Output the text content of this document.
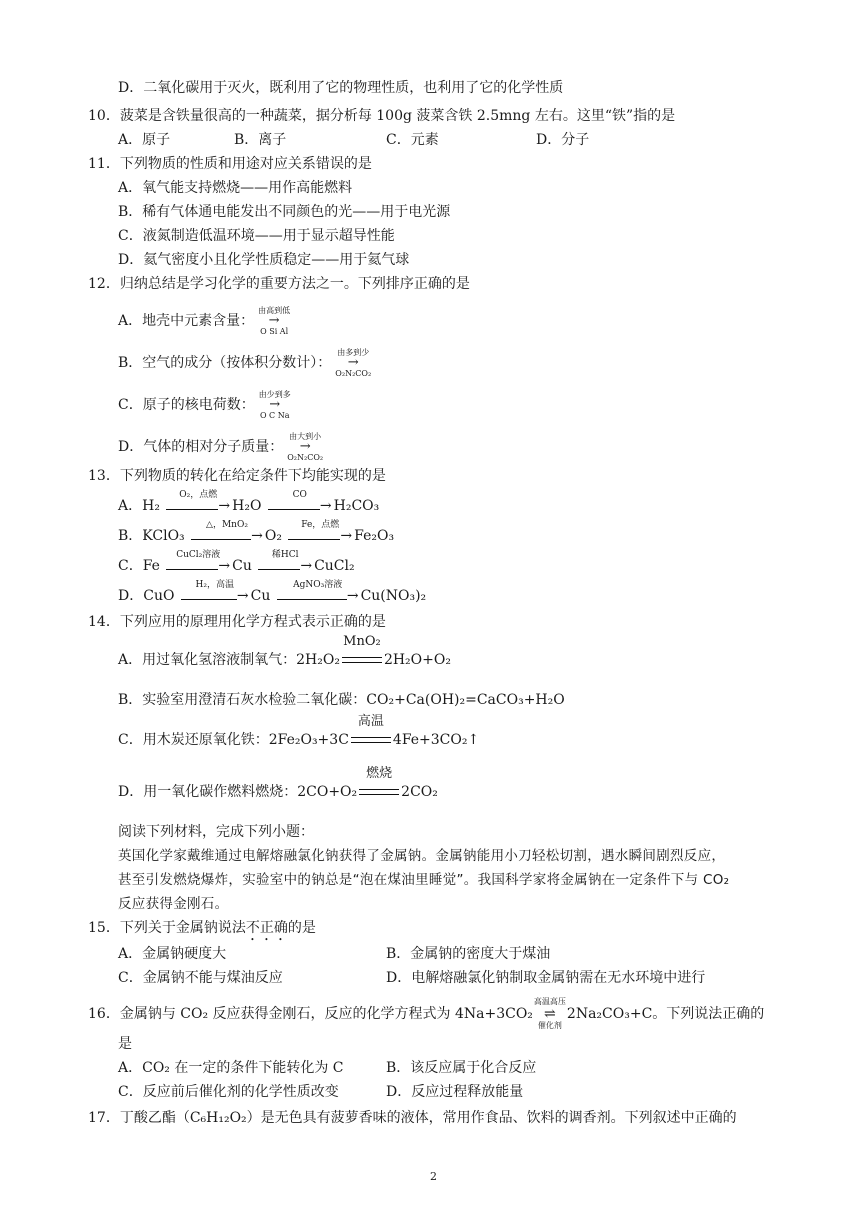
D．二氧化碳用于灭火，既利用了它的物理性质，也利用了它的化学性质
10．菠菜是含铁量很高的一种蔬菜，据分析每 100g 菠菜含铁 2.5mng 左右。这里“铁”指的是
A．原子	B．离子	C．元素	D．分子
11．下列物质的性质和用途对应关系错误的是
A．氧气能支持燃烧——用作高能燃料
B．稀有气体通电能发出不同颜色的光——用于电光源
C．液氮制造低温环境——用于显示超导性能
D．氦气密度小且化学性质稳定——用于氦气球
12．归纳总结是学习化学的重要方法之一。下列排序正确的是
A．地壳中元素含量：
由高到低
→
O Si Al
B．空气的成分（按体积分数计）：
由多到少
→
O₂N₂CO₂
C．原子的核电荷数：
由少到多
→
O C Na
D．气体的相对分子质量：
由大到小
→
O₂N₂CO₂
13．下列物质的转化在给定条件下均能实现的是
A．H₂
O₂，点燃
→ H₂O
CO
→ H₂CO₃
B．KClO₃
△，MnO₂
→ O₂
Fe，点燃
→ Fe₂O₃
C．Fe
CuCl₂溶液
→ Cu
稀HCl
→ CuCl₂
D．CuO
H₂，高温
→ Cu
AgNO₃溶液
→ Cu(NO₃)₂
14．下列应用的原理用化学方程式表示正确的是
A．用过氧化氢溶液制氧气：2H₂O₂
MnO₂
2H₂O+O₂
B．实验室用澄清石灰水检验二氧化碳：CO₂+Ca(OH)₂=CaCO₃+H₂O
C．用木炭还原氧化铁：2Fe₂O₃+3C
高温
4Fe+3CO₂↑
D．用一氧化碳作燃料燃烧：2CO+O₂
燃烧
2CO₂
阅读下列材料，完成下列小题：
英国化学家戴维通过电解熔融氯化钠获得了金属钠。金属钠能用小刀轻松切割，遇水瞬间剧烈反应，
甚至引发燃烧爆炸，实验室中的钠总是“泡在煤油里睡觉”。我国科学家将金属钠在一定条件下与 CO₂
反应获得金刚石。
15．下列关于金属钠说法不正确的是
A．金属钠硬度大	B．金属钠的密度大于煤油
C．金属钠不能与煤油反应	D．电解熔融氯化钠制取金属钠需在无水环境中进行
16．金属钠与 CO₂ 反应获得金刚石，反应的化学方程式为 4Na+3CO₂
高温高压
⇌
催化剂
2Na₂CO₃+C。下列说法正确的
是
A．CO₂ 在一定的条件下能转化为 C	B．该反应属于化合反应
C．反应前后催化剂的化学性质改变	D．反应过程释放能量
17．丁酸乙酯（C₆H₁₂O₂）是无色具有菠萝香味的液体，常用作食品、饮料的调香剂。下列叙述中正确的
2
